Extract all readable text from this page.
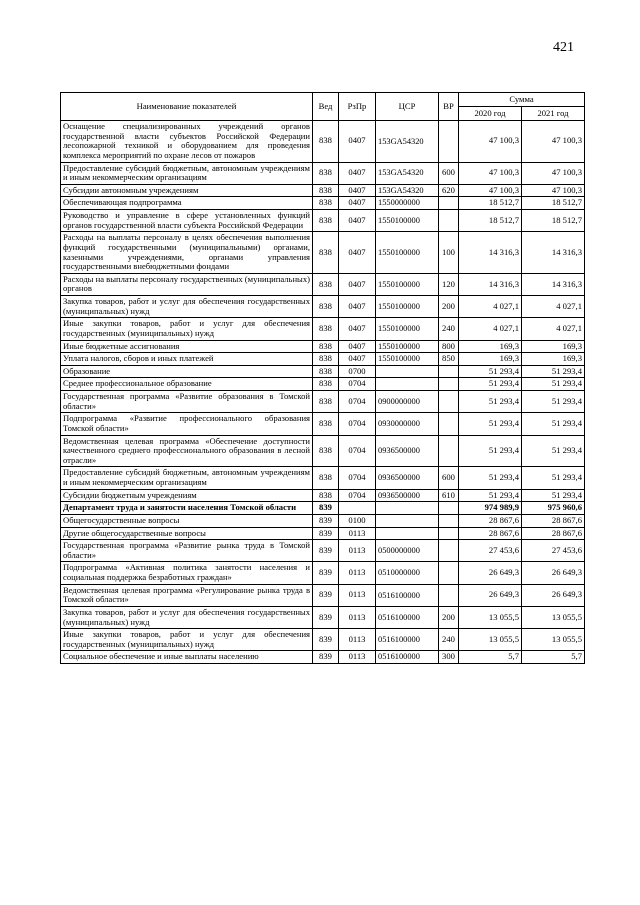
421
Наименование показателей	Вед	РзПр	ЦСР	ВР	Сумма	
					2020 год	2021 год
Оснащение специализированных учреждений органов государственной власти субъектов Российской Федерации лесопожарной техникой и оборудованием для проведения комплекса мероприятий по охране лесов от пожаров	838	0407	153GA54320		47 100,3	47 100,3
Предоставление субсидий бюджетным, автономным учреждениям и иным некоммерческим организациям	838	0407	153GA54320	600	47 100,3	47 100,3
Субсидии автономным учреждениям	838	0407	153GA54320	620	47 100,3	47 100,3
Обеспечивающая подпрограмма	838	0407	1550000000		18 512,7	18 512,7
Руководство и управление в сфере установленных функций органов государственной власти субъекта Российской Федерации	838	0407	1550100000		18 512,7	18 512,7
Расходы на выплаты персоналу в целях обеспечения выполнения функций государственными (муниципальными) органами, казенными учреждениями, органами управления государственными внебюджетными фондами	838	0407	1550100000	100	14 316,3	14 316,3
Расходы на выплаты персоналу государственных (муниципальных) органов	838	0407	1550100000	120	14 316,3	14 316,3
Закупка товаров, работ и услуг для обеспечения государственных (муниципальных) нужд	838	0407	1550100000	200	4 027,1	4 027,1
Иные закупки товаров, работ и услуг для обеспечения государственных (муниципальных) нужд	838	0407	1550100000	240	4 027,1	4 027,1
Иные бюджетные ассигнования	838	0407	1550100000	800	169,3	169,3
Уплата налогов, сборов и иных платежей	838	0407	1550100000	850	169,3	169,3
Образование	838	0700			51 293,4	51 293,4
Среднее профессиональное образование	838	0704			51 293,4	51 293,4
Государственная программа «Развитие образования в Томской области»	838	0704	0900000000		51 293,4	51 293,4
Подпрограмма «Развитие профессионального образования Томской области»	838	0704	0930000000		51 293,4	51 293,4
Ведомственная целевая программа «Обеспечение доступности качественного среднего профессионального образования в лесной отрасли»	838	0704	0936500000		51 293,4	51 293,4
Предоставление субсидий бюджетным, автономным учреждениям и иным некоммерческим организациям	838	0704	0936500000	600	51 293,4	51 293,4
Субсидии бюджетным учреждениям	838	0704	0936500000	610	51 293,4	51 293,4
Департамент труда и занятости населения Томской области	839				974 989,9	975 960,6
Общегосударственные вопросы	839	0100			28 867,6	28 867,6
Другие общегосударственные вопросы	839	0113			28 867,6	28 867,6
Государственная программа «Развитие рынка труда в Томской области»	839	0113	0500000000		27 453,6	27 453,6
Подпрограмма «Активная политика занятости населения и социальная поддержка безработных граждан»	839	0113	0510000000		26 649,3	26 649,3
Ведомственная целевая программа «Регулирование рынка труда в Томской области»	839	0113	0516100000		26 649,3	26 649,3
Закупка товаров, работ и услуг для обеспечения государственных (муниципальных) нужд	839	0113	0516100000	200	13 055,5	13 055,5
Иные закупки товаров, работ и услуг для обеспечения государственных (муниципальных) нужд	839	0113	0516100000	240	13 055,5	13 055,5
Социальное обеспечение и иные выплаты населению	839	0113	0516100000	300	5,7	5,7
